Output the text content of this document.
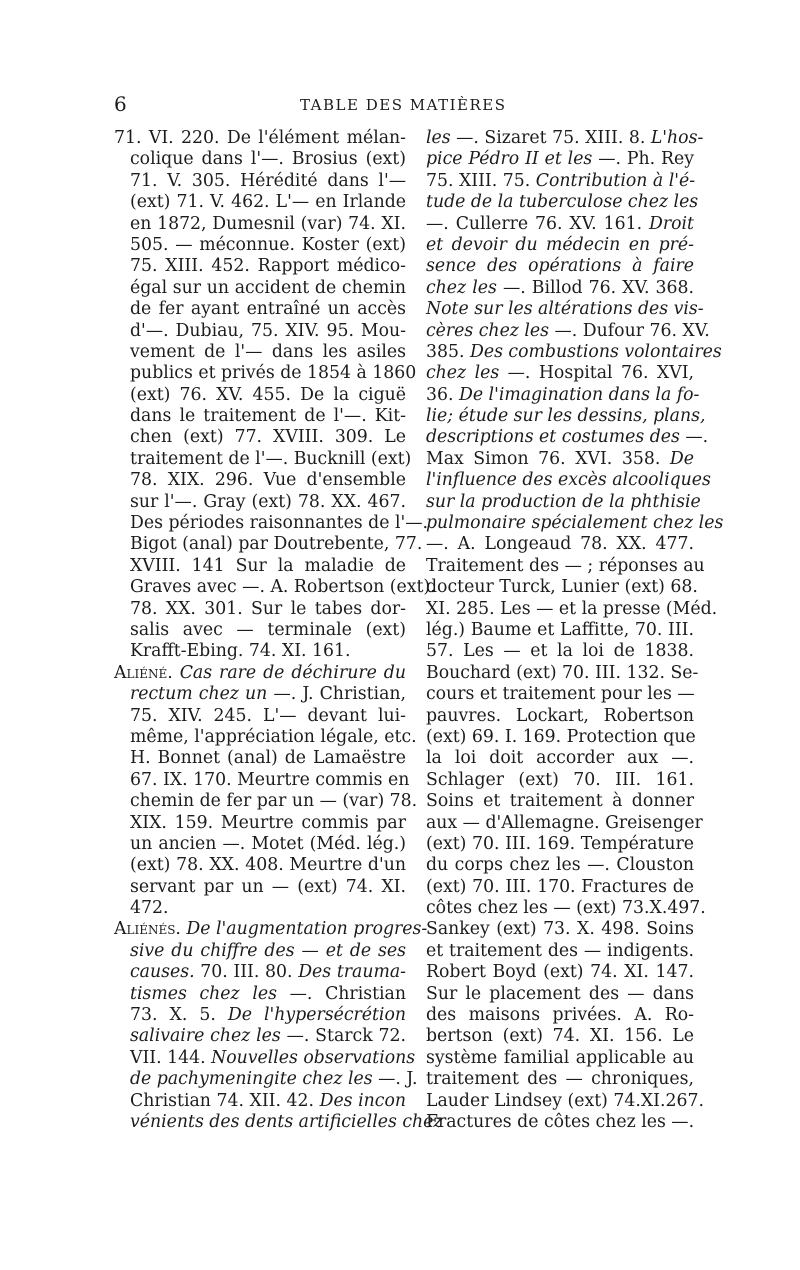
6	TABLE DES MATIÈRES
71. VI. 220. De l'élément mélan-
colique dans l'—. Brosius (ext)
71. V. 305. Hérédité dans l'—
(ext) 71. V. 462. L'— en Irlande
en 1872, Dumesnil (var) 74. XI.
505. — méconnue. Koster (ext)
75. XIII. 452. Rapport médico-
égal sur un accident de chemin
de fer ayant entraîné un accès
d'—. Dubiau, 75. XIV. 95. Mou-
vement de l'— dans les asiles
publics et privés de 1854 à 1860
(ext) 76. XV. 455. De la ciguë
dans le traitement de l'—. Kit-
chen (ext) 77. XVIII. 309. Le
traitement de l'—. Bucknill (ext)
78. XIX. 296. Vue d'ensemble
sur l'—. Gray (ext) 78. XX. 467.
Des périodes raisonnantes de l'—.
Bigot (anal) par Doutrebente, 77.
XVIII. 141 Sur la maladie de
Graves avec —. A. Robertson (ext).
78. XX. 301. Sur le tabes dor-
salis avec — terminale (ext)
Krafft-Ebing. 74. XI. 161.
Aliéné. Cas rare de déchirure du
rectum chez un —. J. Christian,
75. XIV. 245. L'— devant lui-
même, l'appréciation légale, etc.
H. Bonnet (anal) de Lamaëstre
67. IX. 170. Meurtre commis en
chemin de fer par un — (var) 78.
XIX. 159. Meurtre commis par
un ancien —. Motet (Méd. lég.)
(ext) 78. XX. 408. Meurtre d'un
servant par un — (ext) 74. XI.
472.
Aliénés. De l'augmentation progres-
sive du chiffre des — et de ses
causes. 70. III. 80. Des trauma-
tismes chez les —. Christian
73. X. 5. De l'hypersécrétion
salivaire chez les —. Starck 72.
VII. 144. Nouvelles observations
de pachymeningite chez les —. J.
Christian 74. XII. 42. Des incon
vénients des dents artificielles chez
les —. Sizaret 75. XIII. 8. L'hos-
pice Pédro II et les —. Ph. Rey
75. XIII. 75. Contribution à l'é-
tude de la tuberculose chez les
—. Cullerre 76. XV. 161. Droit
et devoir du médecin en pré-
sence des opérations à faire
chez les —. Billod 76. XV. 368.
Note sur les altérations des vis-
cères chez les —. Dufour 76. XV.
385. Des combustions volontaires
chez les —. Hospital 76. XVI,
36. De l'imagination dans la fo-
lie; étude sur les dessins, plans,
descriptions et costumes des —.
Max Simon 76. XVI. 358. De
l'influence des excès alcooliques
sur la production de la phthisie
pulmonaire spécialement chez les
—. A. Longeaud 78. XX. 477.
Traitement des — ; réponses au
docteur Turck, Lunier (ext) 68.
XI. 285. Les — et la presse (Méd.
lég.) Baume et Laffitte, 70. III.
57. Les — et la loi de 1838.
Bouchard (ext) 70. III. 132. Se-
cours et traitement pour les —
pauvres. Lockart, Robertson
(ext) 69. I. 169. Protection que
la loi doit accorder aux —.
Schlager (ext) 70. III. 161.
Soins et traitement à donner
aux — d'Allemagne. Greisenger
(ext) 70. III. 169. Température
du corps chez les —. Clouston
(ext) 70. III. 170. Fractures de
côtes chez les — (ext) 73.X.497.
Sankey (ext) 73. X. 498. Soins
et traitement des — indigents.
Robert Boyd (ext) 74. XI. 147.
Sur le placement des — dans
des maisons privées. A. Ro-
bertson (ext) 74. XI. 156. Le
système familial applicable au
traitement des — chroniques,
Lauder Lindsey (ext) 74.XI.267.
Fractures de côtes chez les —.
